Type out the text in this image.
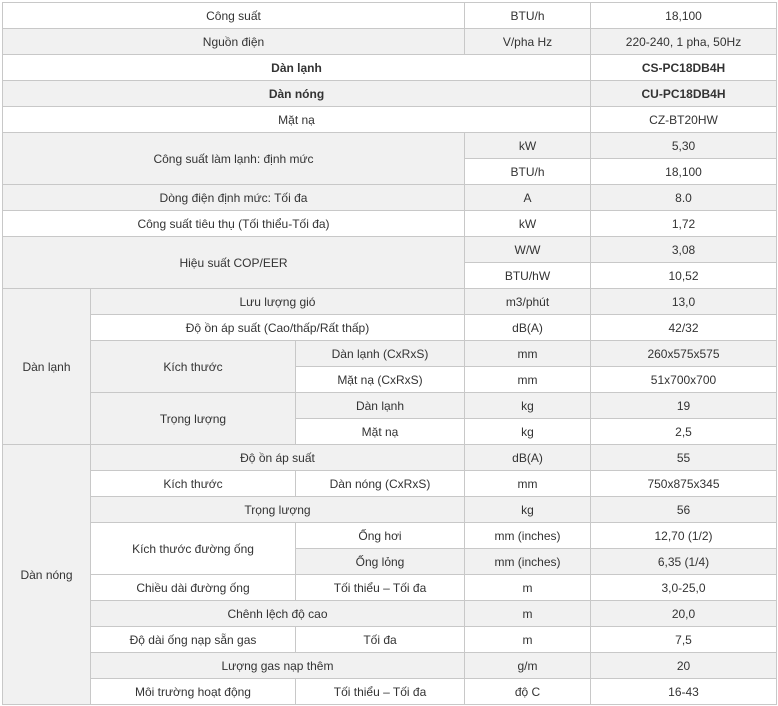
Công suất			BTU/h	18,100
Nguồn điện			V/pha Hz	220-240, 1 pha, 50Hz
Dàn lạnh				CS-PC18DB4H
Dàn nóng				CU-PC18DB4H
Mặt nạ				CZ-BT20HW
Công suất làm lạnh: định mức			kW	5,30
			BTU/h	18,100
Dòng điện định mức: Tối đa			A	8.0
Công suất tiêu thụ (Tối thiểu-Tối đa)			kW	1,72
Hiệu suất COP/EER			W/W	3,08
			BTU/hW	10,52
Dàn lạnh	Lưu lượng gió		m3/phút	13,0
	Độ ồn áp suất (Cao/thấp/Rất thấp)		dB(A)	42/32
	Kích thước	Dàn lạnh (CxRxS)	mm	260x575x575
		Mặt nạ (CxRxS)	mm	51x700x700
	Trọng lượng	Dàn lạnh	kg	19
		Mặt nạ	kg	2,5
Dàn nóng	Độ ồn áp suất		dB(A)	55
	Kích thước	Dàn nóng (CxRxS)	mm	750x875x345
	Trọng lượng		kg	56
	Kích thước đường ống	Ống hơi	mm (inches)	12,70 (1/2)
		Ống lỏng	mm (inches)	6,35 (1/4)
	Chiều dài đường ống	Tối thiểu – Tối đa	m	3,0-25,0
	Chênh lệch độ cao		m	20,0
	Độ dài ống nạp sẵn gas	Tối đa	m	7,5
	Lượng gas nạp thêm		g/m	20
	Môi trường hoạt động	Tối thiểu – Tối đa	độ C	16-43
